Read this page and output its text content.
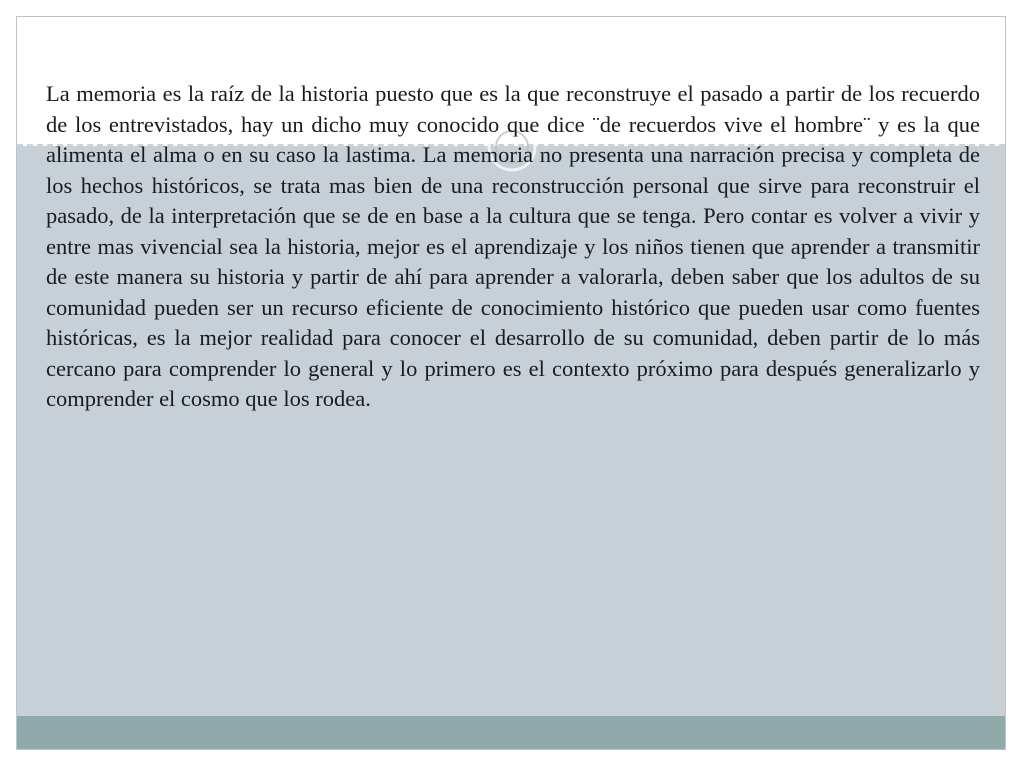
La memoria es la raíz de la historia puesto que es la que reconstruye el pasado a partir de los recuerdo de los entrevistados, hay un dicho muy conocido que dice ¨de recuerdos vive el hombre¨ y es la que alimenta el alma o en su caso la lastima. La memoria no presenta una narración precisa y completa de los hechos históricos, se trata mas bien de una reconstrucción personal que sirve para reconstruir el pasado, de la interpretación que se de en base a la cultura que se tenga. Pero contar es volver a vivir y entre mas vivencial sea la historia, mejor es el aprendizaje y los niños tienen que aprender a transmitir de este manera su historia y partir de ahí para aprender a valorarla, deben saber que los adultos de su comunidad pueden ser un recurso eficiente de conocimiento histórico que pueden usar como fuentes históricas, es la mejor realidad para conocer el desarrollo de su comunidad, deben partir de lo más cercano para comprender lo general y lo primero es el contexto próximo para después generalizarlo y comprender el cosmo que los rodea.
